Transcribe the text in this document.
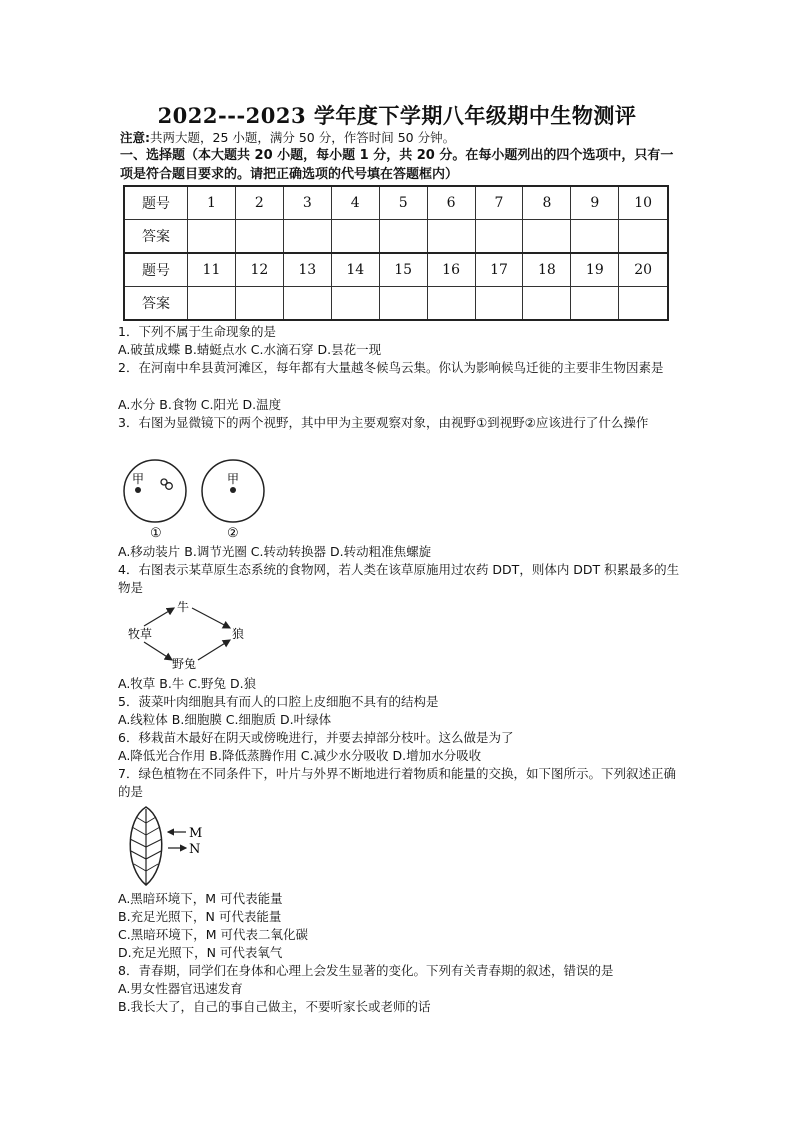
2022---2023 学年度下学期八年级期中生物测评
注意:共两大题，25 小题，满分 50 分，作答时间 50 分钟。
一、选择题（本大题共 20 小题，每小题 1 分，共 20 分。在每小题列出的四个选项中，只有一项是符合题目要求的。请把正确选项的代号填在答题框内）
题号	1	2	3	4	5	6	7	8	9	10
答案										
题号	11	12	13	14	15	16	17	18	19	20
答案										
1．下列不属于生命现象的是
A.破茧成蝶 B.蜻蜓点水 C.水滴石穿 D.昙花一现
2．在河南中牟县黄河滩区，每年都有大量越冬候鸟云集。你认为影响候鸟迁徙的主要非生物因素是
A.水分 B.食物 C.阳光 D.温度
3．右图为显微镜下的两个视野，其中甲为主要观察对象，由视野①到视野②应该进行了什么操作
甲	甲
①	②
A.移动装片 B.调节光圈 C.转动转换器 D.转动粗准焦螺旋
4．右图表示某草原生态系统的食物网，若人类在该草原施用过农药 DDT，则体内 DDT 积累最多的生物是
牧草
牛
狼
野兔
A.牧草 B.牛 C.野兔 D.狼
5．菠菜叶肉细胞具有而人的口腔上皮细胞不具有的结构是
A.线粒体 B.细胞膜 C.细胞质 D.叶绿体
6．移栽苗木最好在阴天或傍晚进行，并要去掉部分枝叶。这么做是为了
A.降低光合作用 B.降低蒸腾作用 C.减少水分吸收 D.增加水分吸收
7．绿色植物在不同条件下，叶片与外界不断地进行着物质和能量的交换，如下图所示。下列叙述正确的是
M
N
A.黑暗环境下，M 可代表能量
B.充足光照下，N 可代表能量
C.黑暗环境下，M 可代表二氧化碳
D.充足光照下，N 可代表氧气
8．青春期，同学们在身体和心理上会发生显著的变化。下列有关青春期的叙述，错误的是
A.男女性器官迅速发育
B.我长大了，自己的事自己做主，不要听家长或老师的话
